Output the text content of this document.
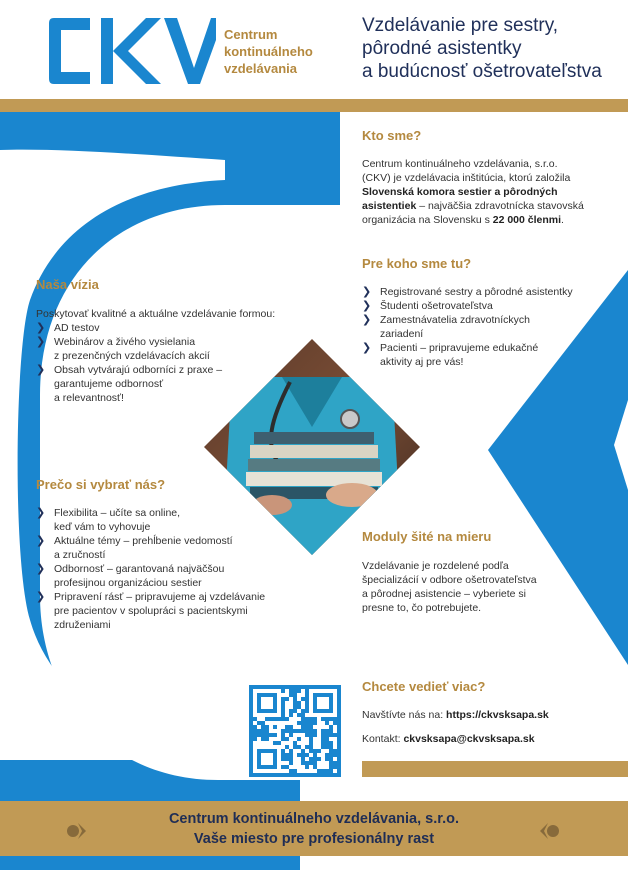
Centrum
kontinuálneho
vzdelávania
Vzdelávanie pre sestry,
pôrodné asistentky
a budúcnosť ošetrovateľstva
Kto sme?
Centrum kontinuálneho vzdelávania, s.r.o.
(CKV) je vzdelávacia inštitúcia, ktorú založila
Slovenská komora sestier a pôrodných
asistentiek – najväčšia zdravotnícka stavovská
organizácia na Slovensku s 22 000 členmi.
Pre koho sme tu?
❯ Registrované sestry a pôrodné asistentky
❯ Študenti ošetrovateľstva
❯ Zamestnávatelia zdravotníckych
zariadení
❯ Pacienti – pripravujeme edukačné
aktivity aj pre vás!
Naša vízia
Poskytovať kvalitné a aktuálne vzdelávanie formou:
❯ AD testov
❯ Webinárov a živého vysielania
z prezenčných vzdelávacích akcií
❯ Obsah vytvárajú odborníci z praxe –
garantujeme odbornosť
a relevantnosť!
Prečo si vybrať nás?
❯ Flexibilita – učíte sa online,
keď vám to vyhovuje
❯ Aktuálne témy – prehĺbenie vedomostí
a zručností
❯ Odbornosť – garantovaná najväčšou
profesijnou organizáciou sestier
❯ Pripravení rásť – pripravujeme aj vzdelávanie
pre pacientov v spolupráci s pacientskymi
združeniami
Moduly šité na mieru
Vzdelávanie je rozdelené podľa
špecializácií v odbore ošetrovateľstva
a pôrodnej asistencie – vyberiete si
presne to, čo potrebujete.
Chcete vedieť viac?
Navštívte nás na: https://ckvsksapa.sk
Kontakt: ckvsksapa@ckvsksapa.sk
Centrum kontinuálneho vzdelávania, s.r.o.
Vaše miesto pre profesionálny rast
